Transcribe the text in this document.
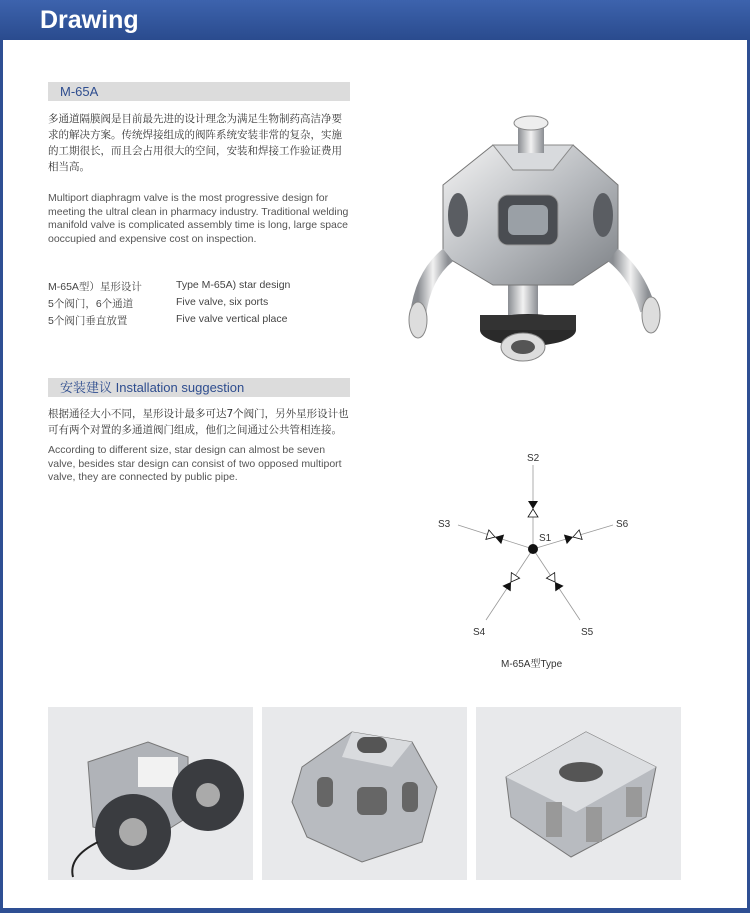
Drawing
M-65A
多通道隔膜阀是目前最先进的设计理念为满足生物制药高洁净要
求的解决方案。传统焊接组成的阀阵系统安装非常的复杂，实施
的工期很长，而且会占用很大的空间，安装和焊接工作验证费用
相当高。
Multiport diaphragm valve is the most progressive design for
meeting the ultral clean in pharmacy industry. Traditional welding
manifold valve is complicated assembly time is long, large space
ooccupied and expensive cost on inspection.
M-65A型）星形设计	Type M-65A) star design
5个阀门，6个通道	Five valve, six ports
5个阀门垂直放置	Five valve vertical place
安装建议 Installation suggestion
根据通径大小不同，星形设计最多可达7个阀门，另外星形设计也
可有两个对置的多通道阀门组成，他们之间通过公共管相连接。
According to different size, star design can almost be seven
valve, besides star design can consist of two opposed multiport
valve, they are connected by public pipe.
S2
S3	S6
S1
S4	S5
M-65A型Type
